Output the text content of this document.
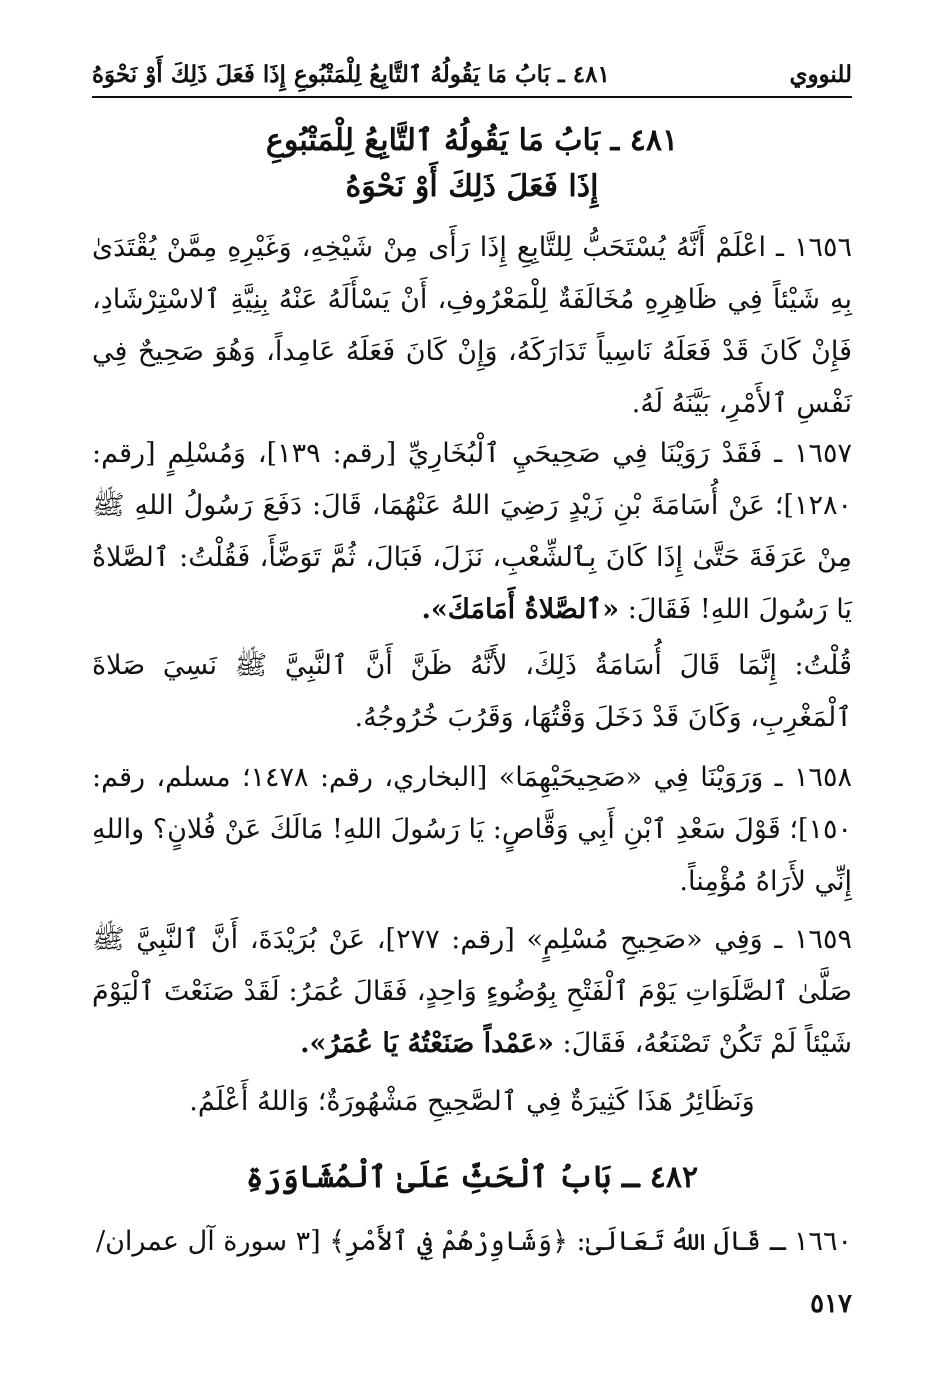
للنووي
٤٨١ ـ بَابُ مَا يَقُولُهُ ٱلتَّابِعُ لِلْمَتْبُوعِ إِذَا فَعَلَ ذَلِكَ أَوْ نَحْوَهُ
٤٨١ ـ بَابُ مَا يَقُولُهُ ٱلتَّابِعُ لِلْمَتْبُوعِ
إِذَا فَعَلَ ذَلِكَ أَوْ نَحْوَهُ
١٦٥٦ ـ اعْلَمْ أَنَّهُ يُسْتَحَبُّ لِلتَّابِعِ إِذَا رَأَى مِنْ شَيْخِهِ، وَغَيْرِهِ مِمَّنْ يُقْتَدَىٰ بِهِ شَيْئاً فِي ظَاهِرِهِ مُخَالَفَةٌ لِلْمَعْرُوفِ، أَنْ يَسْأَلَهُ عَنْهُ بِنِيَّةِ ٱلاسْتِرْشَادِ، فَإِنْ كَانَ قَدْ فَعَلَهُ نَاسِياً تَدَارَكَهُ، وَإِنْ كَانَ فَعَلَهُ عَامِداً، وَهُوَ صَحِيحٌ فِي نَفْسِ ٱلأَمْرِ، بَيَّنَهُ لَهُ.
١٦٥٧ ـ فَقَدْ رَوَيْنَا فِي صَحِيحَيِ ٱلْبُخَارِيِّ [رقم: ١٣٩]، وَمُسْلِمٍ [رقم: ١٢٨٠]؛ عَنْ أُسَامَةَ بْنِ زَيْدٍ رَضِيَ اللهُ عَنْهُمَا، قَالَ: دَفَعَ رَسُولُ اللهِ ﷺ مِنْ عَرَفَةَ حَتَّىٰ إِذَا كَانَ بِٱلشِّعْبِ، نَزَلَ، فَبَالَ، ثُمَّ تَوَضَّأَ، فَقُلْتُ: ٱلصَّلاةُ يَا رَسُولَ اللهِ! فَقَالَ: «ٱلصَّلاةُ أَمَامَكَ».
قُلْتُ: إِنَّمَا قَالَ أُسَامَةُ ذَلِكَ، لأَنَّهُ ظَنَّ أَنَّ ٱلنَّبِيَّ ﷺ نَسِيَ صَلاةَ ٱلْمَغْرِبِ، وَكَانَ قَدْ دَخَلَ وَقْتُهَا، وَقَرُبَ خُرُوجُهُ.
١٦٥٨ ـ وَرَوَيْنَا فِي «صَحِيحَيْهِمَا» [البخاري، رقم: ١٤٧٨؛ مسلم، رقم: ١٥٠]؛ قَوْلَ سَعْدِ ٱبْنِ أَبِي وَقَّاصٍ: يَا رَسُولَ اللهِ! مَالَكَ عَنْ فُلانٍ؟ واللهِ إِنِّي لأَرَاهُ مُؤْمِناً.
١٦٥٩ ـ وَفِي «صَحِيحِ مُسْلِمٍ» [رقم: ٢٧٧]، عَنْ بُرَيْدَةَ، أَنَّ ٱلنَّبِيَّ ﷺ صَلَّىٰ ٱلصَّلَوَاتِ يَوْمَ ٱلْفَتْحِ بِوُضُوءٍ وَاحِدٍ، فَقَالَ عُمَرُ: لَقَدْ صَنَعْتَ ٱلْيَوْمَ شَيْئاً لَمْ تَكُنْ تَصْنَعُهُ، فَقَالَ: «عَمْداً صَنَعْتُهُ يَا عُمَرُ».
وَنَظَائِرُ هَذَا كَثِيرَةٌ فِي ٱلصَّحِيحِ مَشْهُورَةٌ؛ وَاللهُ أَعْلَمُ.
٤٨٢ ـ بَابُ ٱلْحَثِّ عَلَىٰ ٱلْمُشَاوَرَةِ
١٦٦٠ ـ قَالَ اللهُ تَعَالَىٰ: ﴿وَشَاوِرْهُمْ فِي ٱلأَمْرِ﴾ [٣ سورة آل عمران/
٥١٧
